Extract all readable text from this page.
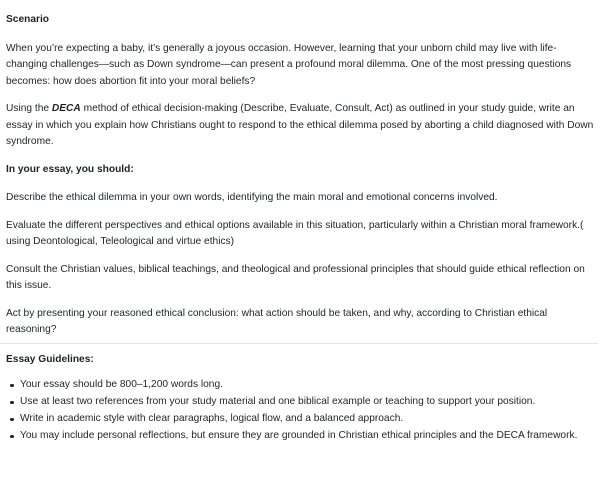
Scenario

When you’re expecting a baby, it’s generally a joyous occasion. However, learning that your unborn child may live with life-changing challenges—such as Down syndrome—can present a profound moral dilemma. One of the most pressing questions becomes: how does abortion fit into your moral beliefs?

Using the DECA method of ethical decision-making (Describe, Evaluate, Consult, Act) as outlined in your study guide, write an essay in which you explain how Christians ought to respond to the ethical dilemma posed by aborting a child diagnosed with Down syndrome.

In your essay, you should:

Describe the ethical dilemma in your own words, identifying the main moral and emotional concerns involved.

Evaluate the different perspectives and ethical options available in this situation, particularly within a Christian moral framework.( using Deontological, Teleological and virtue ethics)

Consult the Christian values, biblical teachings, and theological and professional principles that should guide ethical reflection on this issue.

Act by presenting your reasoned ethical conclusion: what action should be taken, and why, according to Christian ethical reasoning?

Essay Guidelines:
Your essay should be 800–1,200 words long.
Use at least two references from your study material and one biblical example or teaching to support your position.
Write in academic style with clear paragraphs, logical flow, and a balanced approach.
You may include personal reflections, but ensure they are grounded in Christian ethical principles and the DECA framework.
